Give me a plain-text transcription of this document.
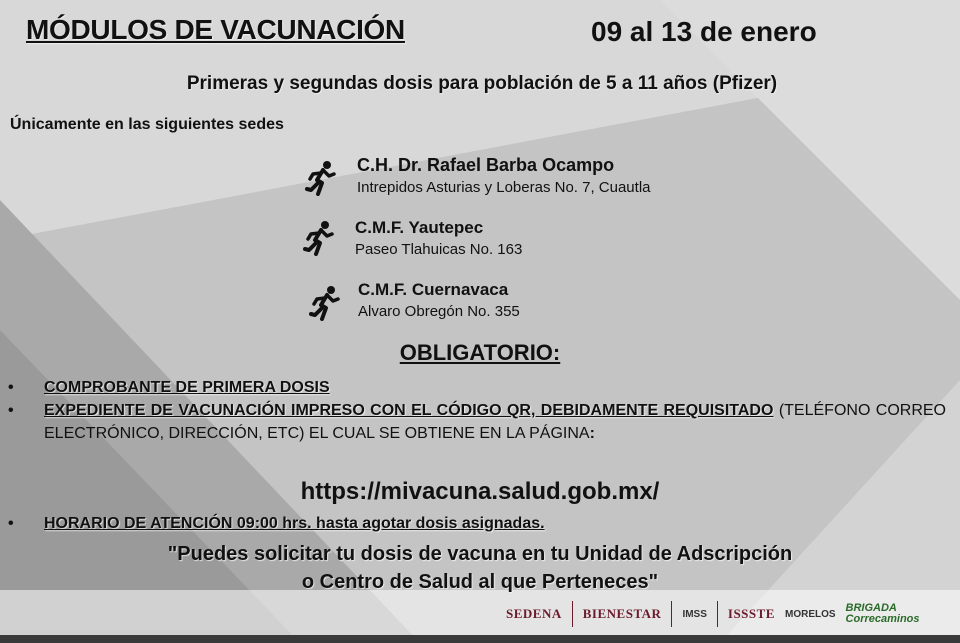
MÓDULOS DE VACUNACIÓN	09 al 13 de enero
Primeras y segundas dosis para población de 5 a 11 años (Pfizer)
Únicamente en las siguientes sedes
C.H. Dr. Rafael Barba Ocampo
Intrepidos Asturias y Loberas No. 7, Cuautla
C.M.F. Yautepec
Paseo Tlahuicas No. 163
C.M.F. Cuernavaca
Alvaro Obregón No. 355
OBLIGATORIO:
• COMPROBANTE DE PRIMERA DOSIS
• EXPEDIENTE DE VACUNACIÓN IMPRESO CON EL CÓDIGO QR, DEBIDAMENTE REQUISITADO (TELÉFONO CORREO ELECTRÓNICO, DIRECCIÓN, ETC) EL CUAL SE OBTIENE EN LA PÁGINA:
https://mivacuna.salud.gob.mx/
• HORARIO DE ATENCIÓN 09:00 hrs. hasta agotar dosis asignadas.
"Puedes solicitar tu dosis de vacuna en tu Unidad de Adscripción
o Centro de Salud al que Perteneces"
SEDENA BIENESTAR IMSS ISSSTE MORELOS BRIGADA
Correcaminos
